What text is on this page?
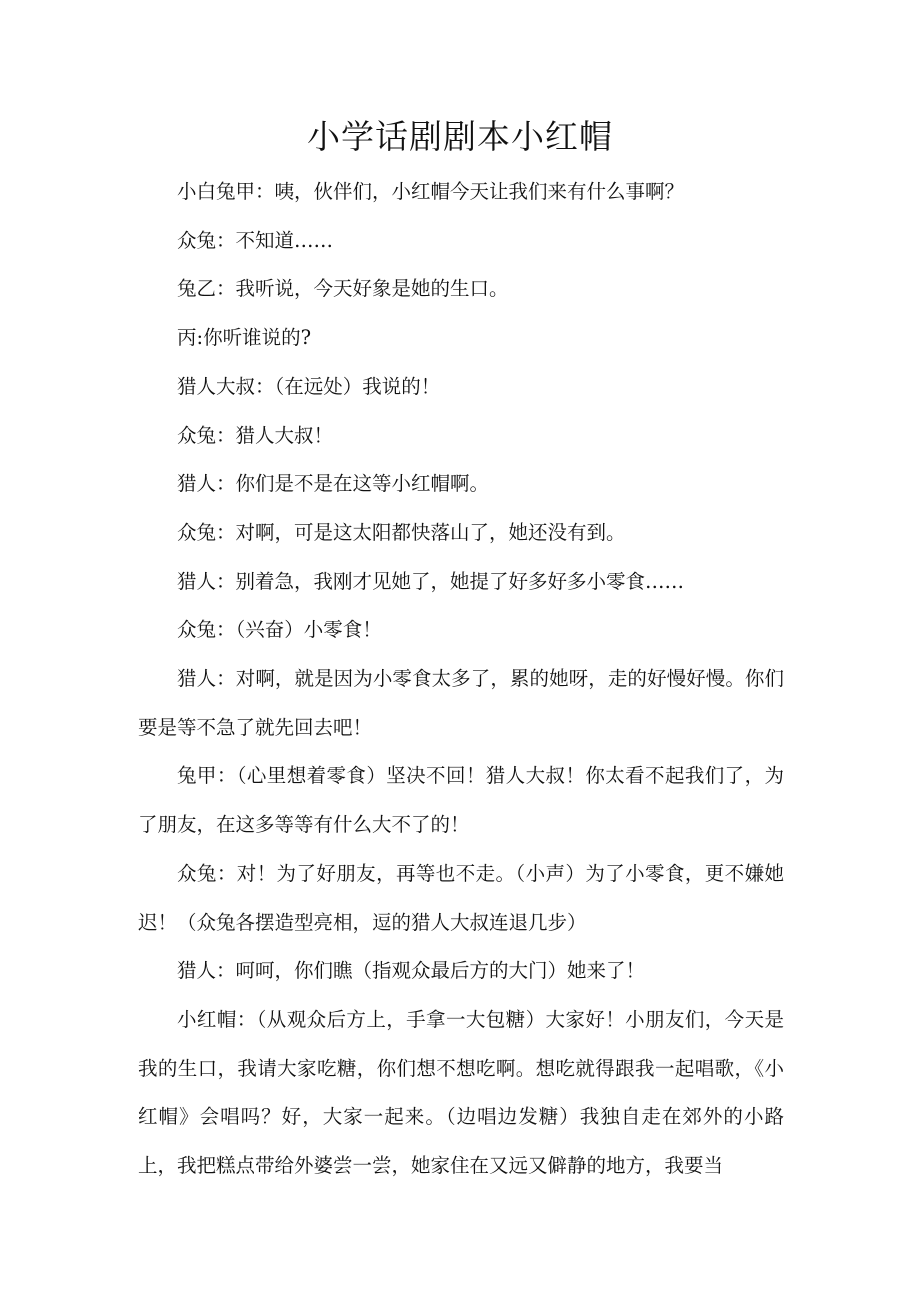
小学话剧剧本小红帽

小白兔甲：咦，伙伴们，小红帽今天让我们来有什么事啊？

众兔：不知道……

兔乙：我听说，今天好象是她的生口。

丙:你听谁说的?

猎人大叔：（在远处）我说的！

众兔：猎人大叔！

猎人：你们是不是在这等小红帽啊。

众兔：对啊，可是这太阳都快落山了，她还没有到。

猎人：别着急，我刚才见她了，她提了好多好多小零食……

众兔：（兴奋）小零食！

猎人：对啊，就是因为小零食太多了，累的她呀，走的好慢好慢。你们要是等不急了就先回去吧！

兔甲：（心里想着零食）坚决不回！猎人大叔！你太看不起我们了，为了朋友，在这多等等有什么大不了的！

众兔：对！为了好朋友，再等也不走。（小声）为了小零食，更不嫌她迟！（众兔各摆造型亮相，逗的猎人大叔连退几步）

猎人：呵呵，你们瞧（指观众最后方的大门）她来了！

小红帽：（从观众后方上，手拿一大包糖）大家好！小朋友们，今天是我的生口，我请大家吃糖，你们想不想吃啊。想吃就得跟我一起唱歌，《小红帽》会唱吗？好，大家一起来。（边唱边发糖）我独自走在郊外的小路上，我把糕点带给外婆尝一尝，她家住在又远又僻静的地方，我要当
